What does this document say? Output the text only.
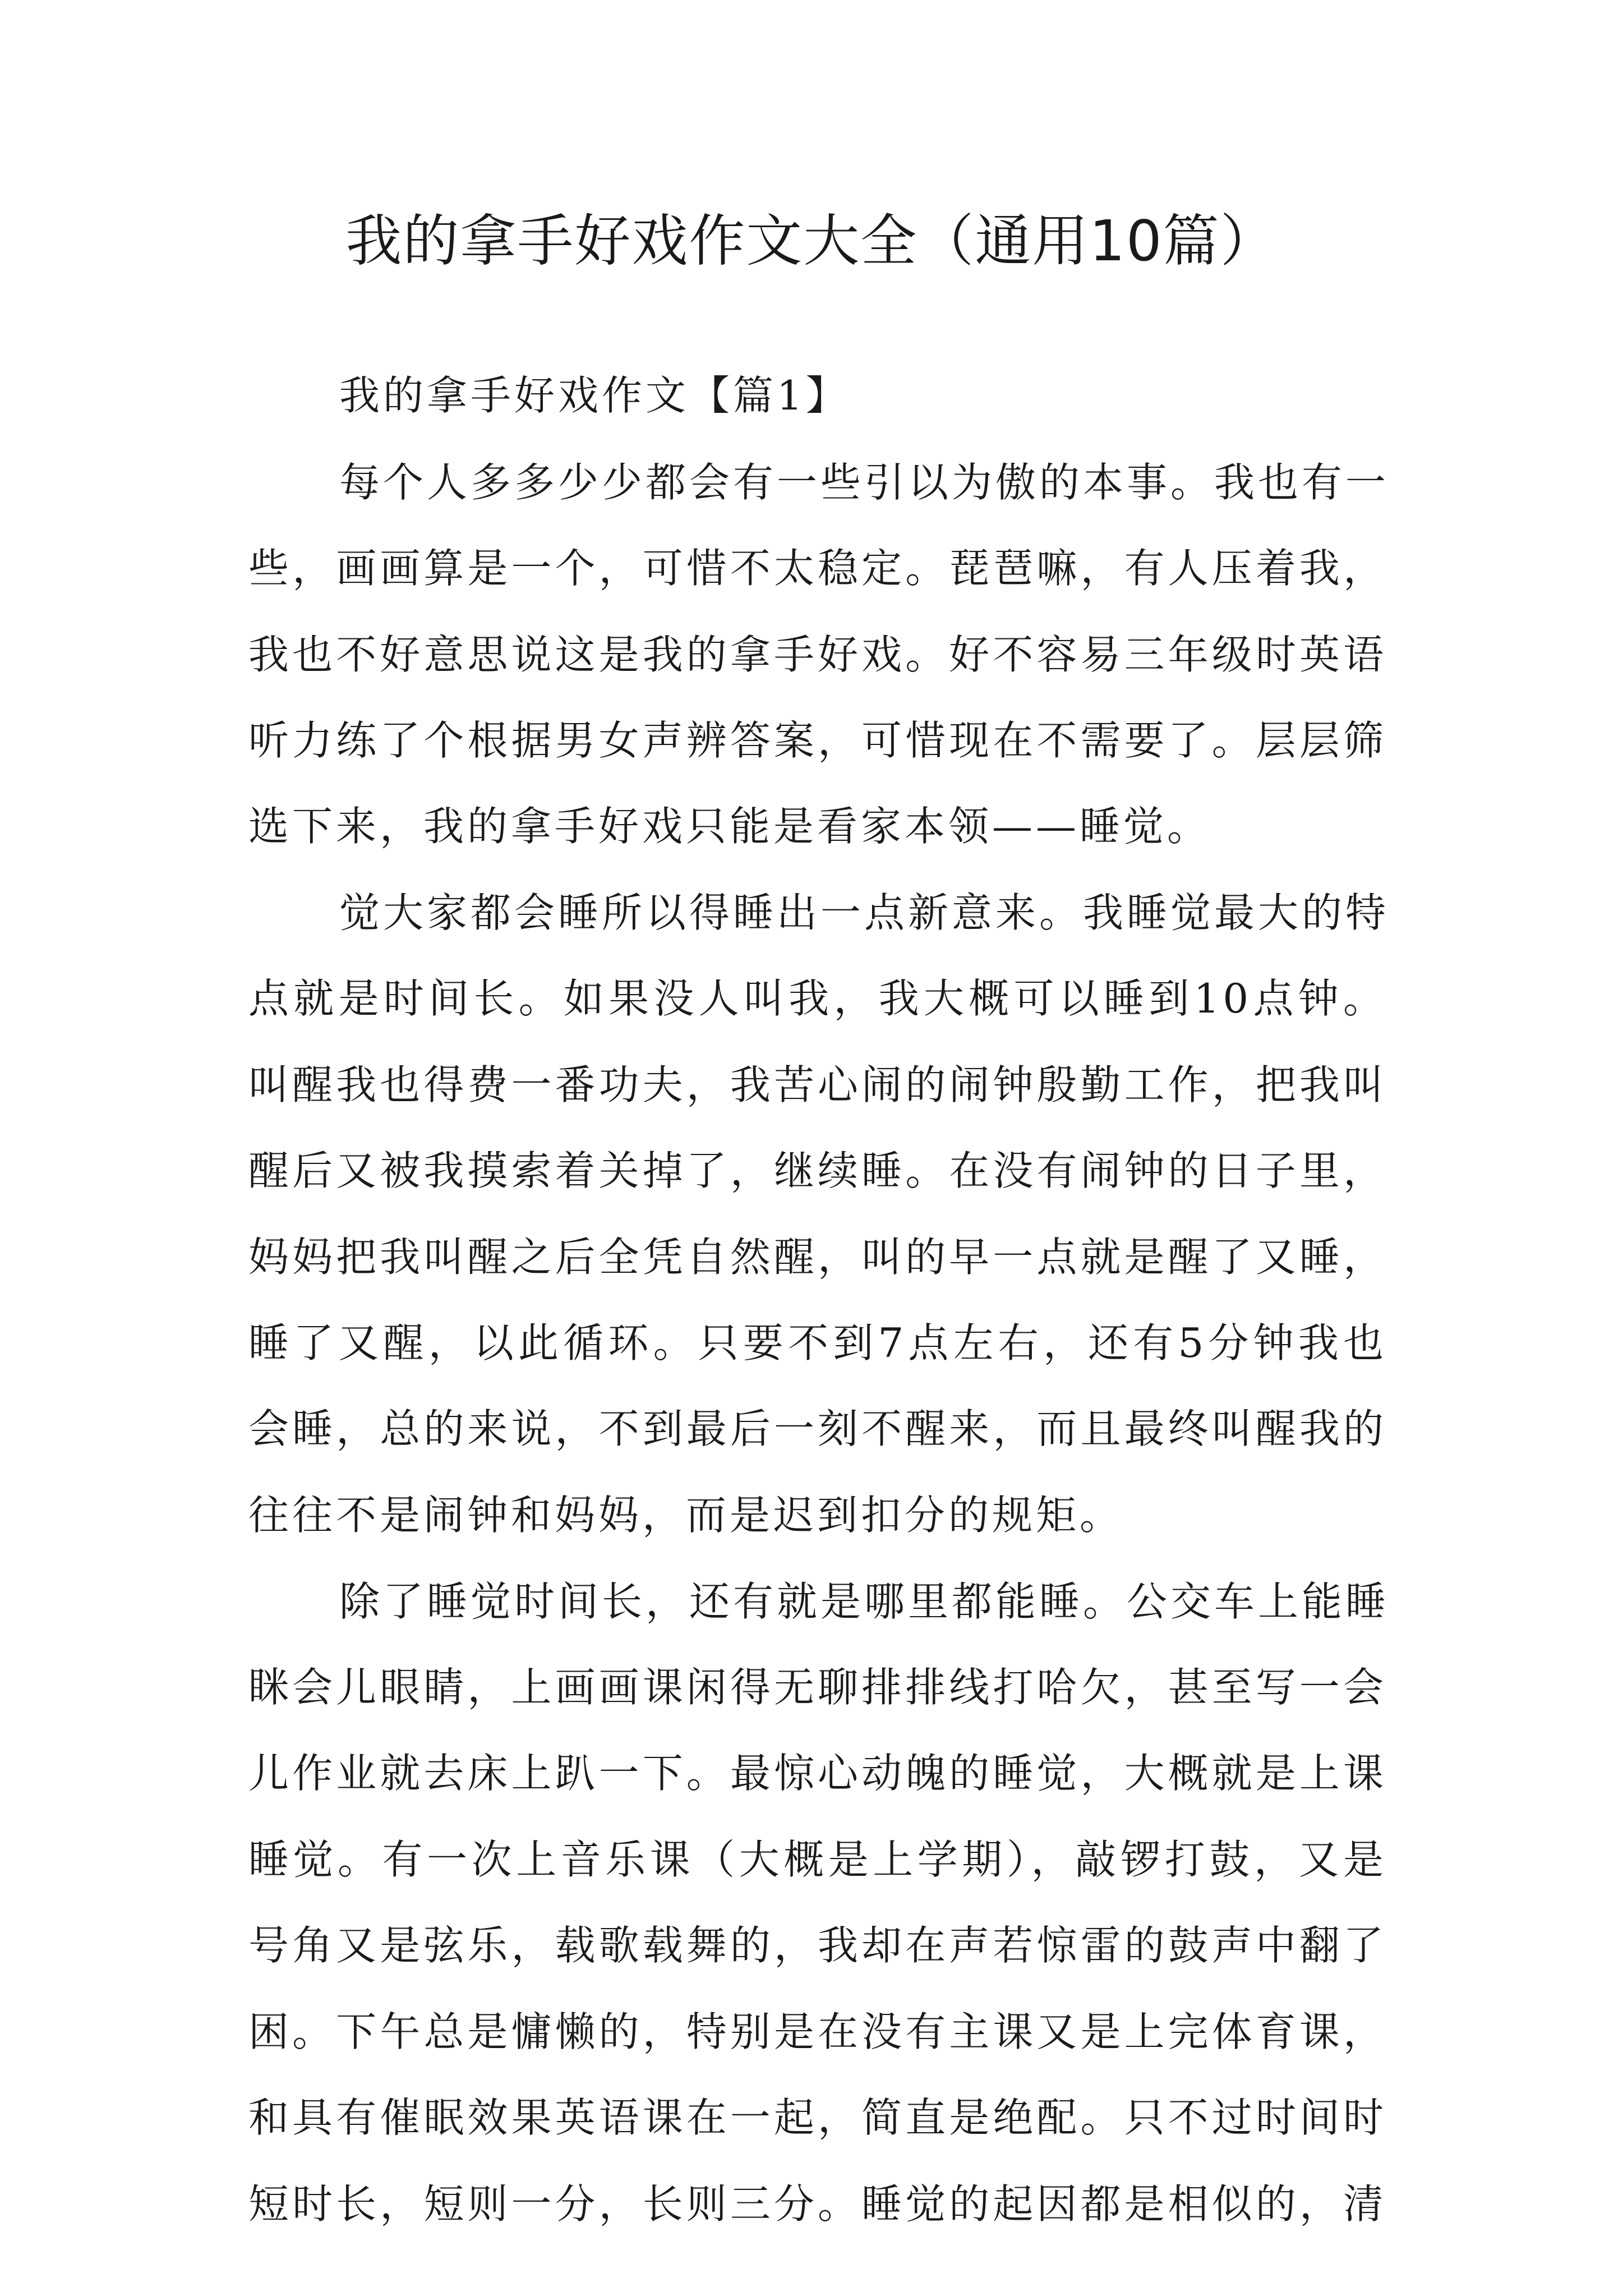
我的拿手好戏作文大全（通用10篇）
我的拿手好戏作文【篇1】
每个人多多少少都会有一些引以为傲的本事。我也有一
些，画画算是一个，可惜不太稳定。琵琶嘛，有人压着我，
我也不好意思说这是我的拿手好戏。好不容易三年级时英语
听力练了个根据男女声辨答案，可惜现在不需要了。层层筛
选下来，我的拿手好戏只能是看家本领——睡觉。
觉大家都会睡所以得睡出一点新意来。我睡觉最大的特
点就是时间长。如果没人叫我，我大概可以睡到10点钟。
叫醒我也得费一番功夫，我苦心闹的闹钟殷勤工作，把我叫
醒后又被我摸索着关掉了，继续睡。在没有闹钟的日子里，
妈妈把我叫醒之后全凭自然醒，叫的早一点就是醒了又睡，
睡了又醒，以此循环。只要不到7点左右，还有5分钟我也
会睡，总的来说，不到最后一刻不醒来，而且最终叫醒我的
往往不是闹钟和妈妈，而是迟到扣分的规矩。
除了睡觉时间长，还有就是哪里都能睡。公交车上能睡
眯会儿眼睛，上画画课闲得无聊排排线打哈欠，甚至写一会
儿作业就去床上趴一下。最惊心动魄的睡觉，大概就是上课
睡觉。有一次上音乐课（大概是上学期），敲锣打鼓，又是
号角又是弦乐，载歌载舞的，我却在声若惊雷的鼓声中翻了
困。下午总是慵懒的，特别是在没有主课又是上完体育课，
和具有催眠效果英语课在一起，简直是绝配。只不过时间时
短时长，短则一分，长则三分。睡觉的起因都是相似的，清
